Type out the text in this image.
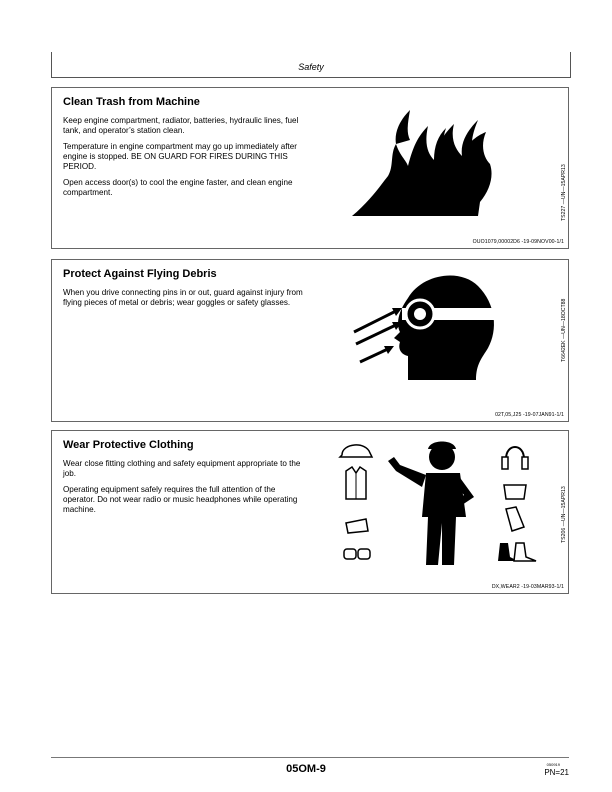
Safety
Clean Trash from Machine

Keep engine compartment, radiator, batteries, hydraulic lines, fuel tank, and operator’s station clean.

Temperature in engine compartment may go up immediately after engine is stopped. BE ON GUARD FOR FIRES DURING THIS PERIOD.

Open access door(s) to cool the engine faster, and clean engine compartment.	TS227 —UN—15APR13
OUO1079,00002D6 -19-09NOV00-1/1
Protect Against Flying Debris

When you drive connecting pins in or out, guard against injury from flying pieces of metal or debris; wear goggles or safety glasses.	T6642EK —UN—18OCT88
02T,05,J25 -19-07JAN91-1/1
Wear Protective Clothing

Wear close fitting clothing and safety equipment appropriate to the job.

Operating equipment safely requires the full attention of the operator. Do not wear radio or music headphones while operating machine.	TS206 —UN—15APR13
DX,WEAR2 -19-03MAR93-1/1
05OM-9	050919
PN=21
